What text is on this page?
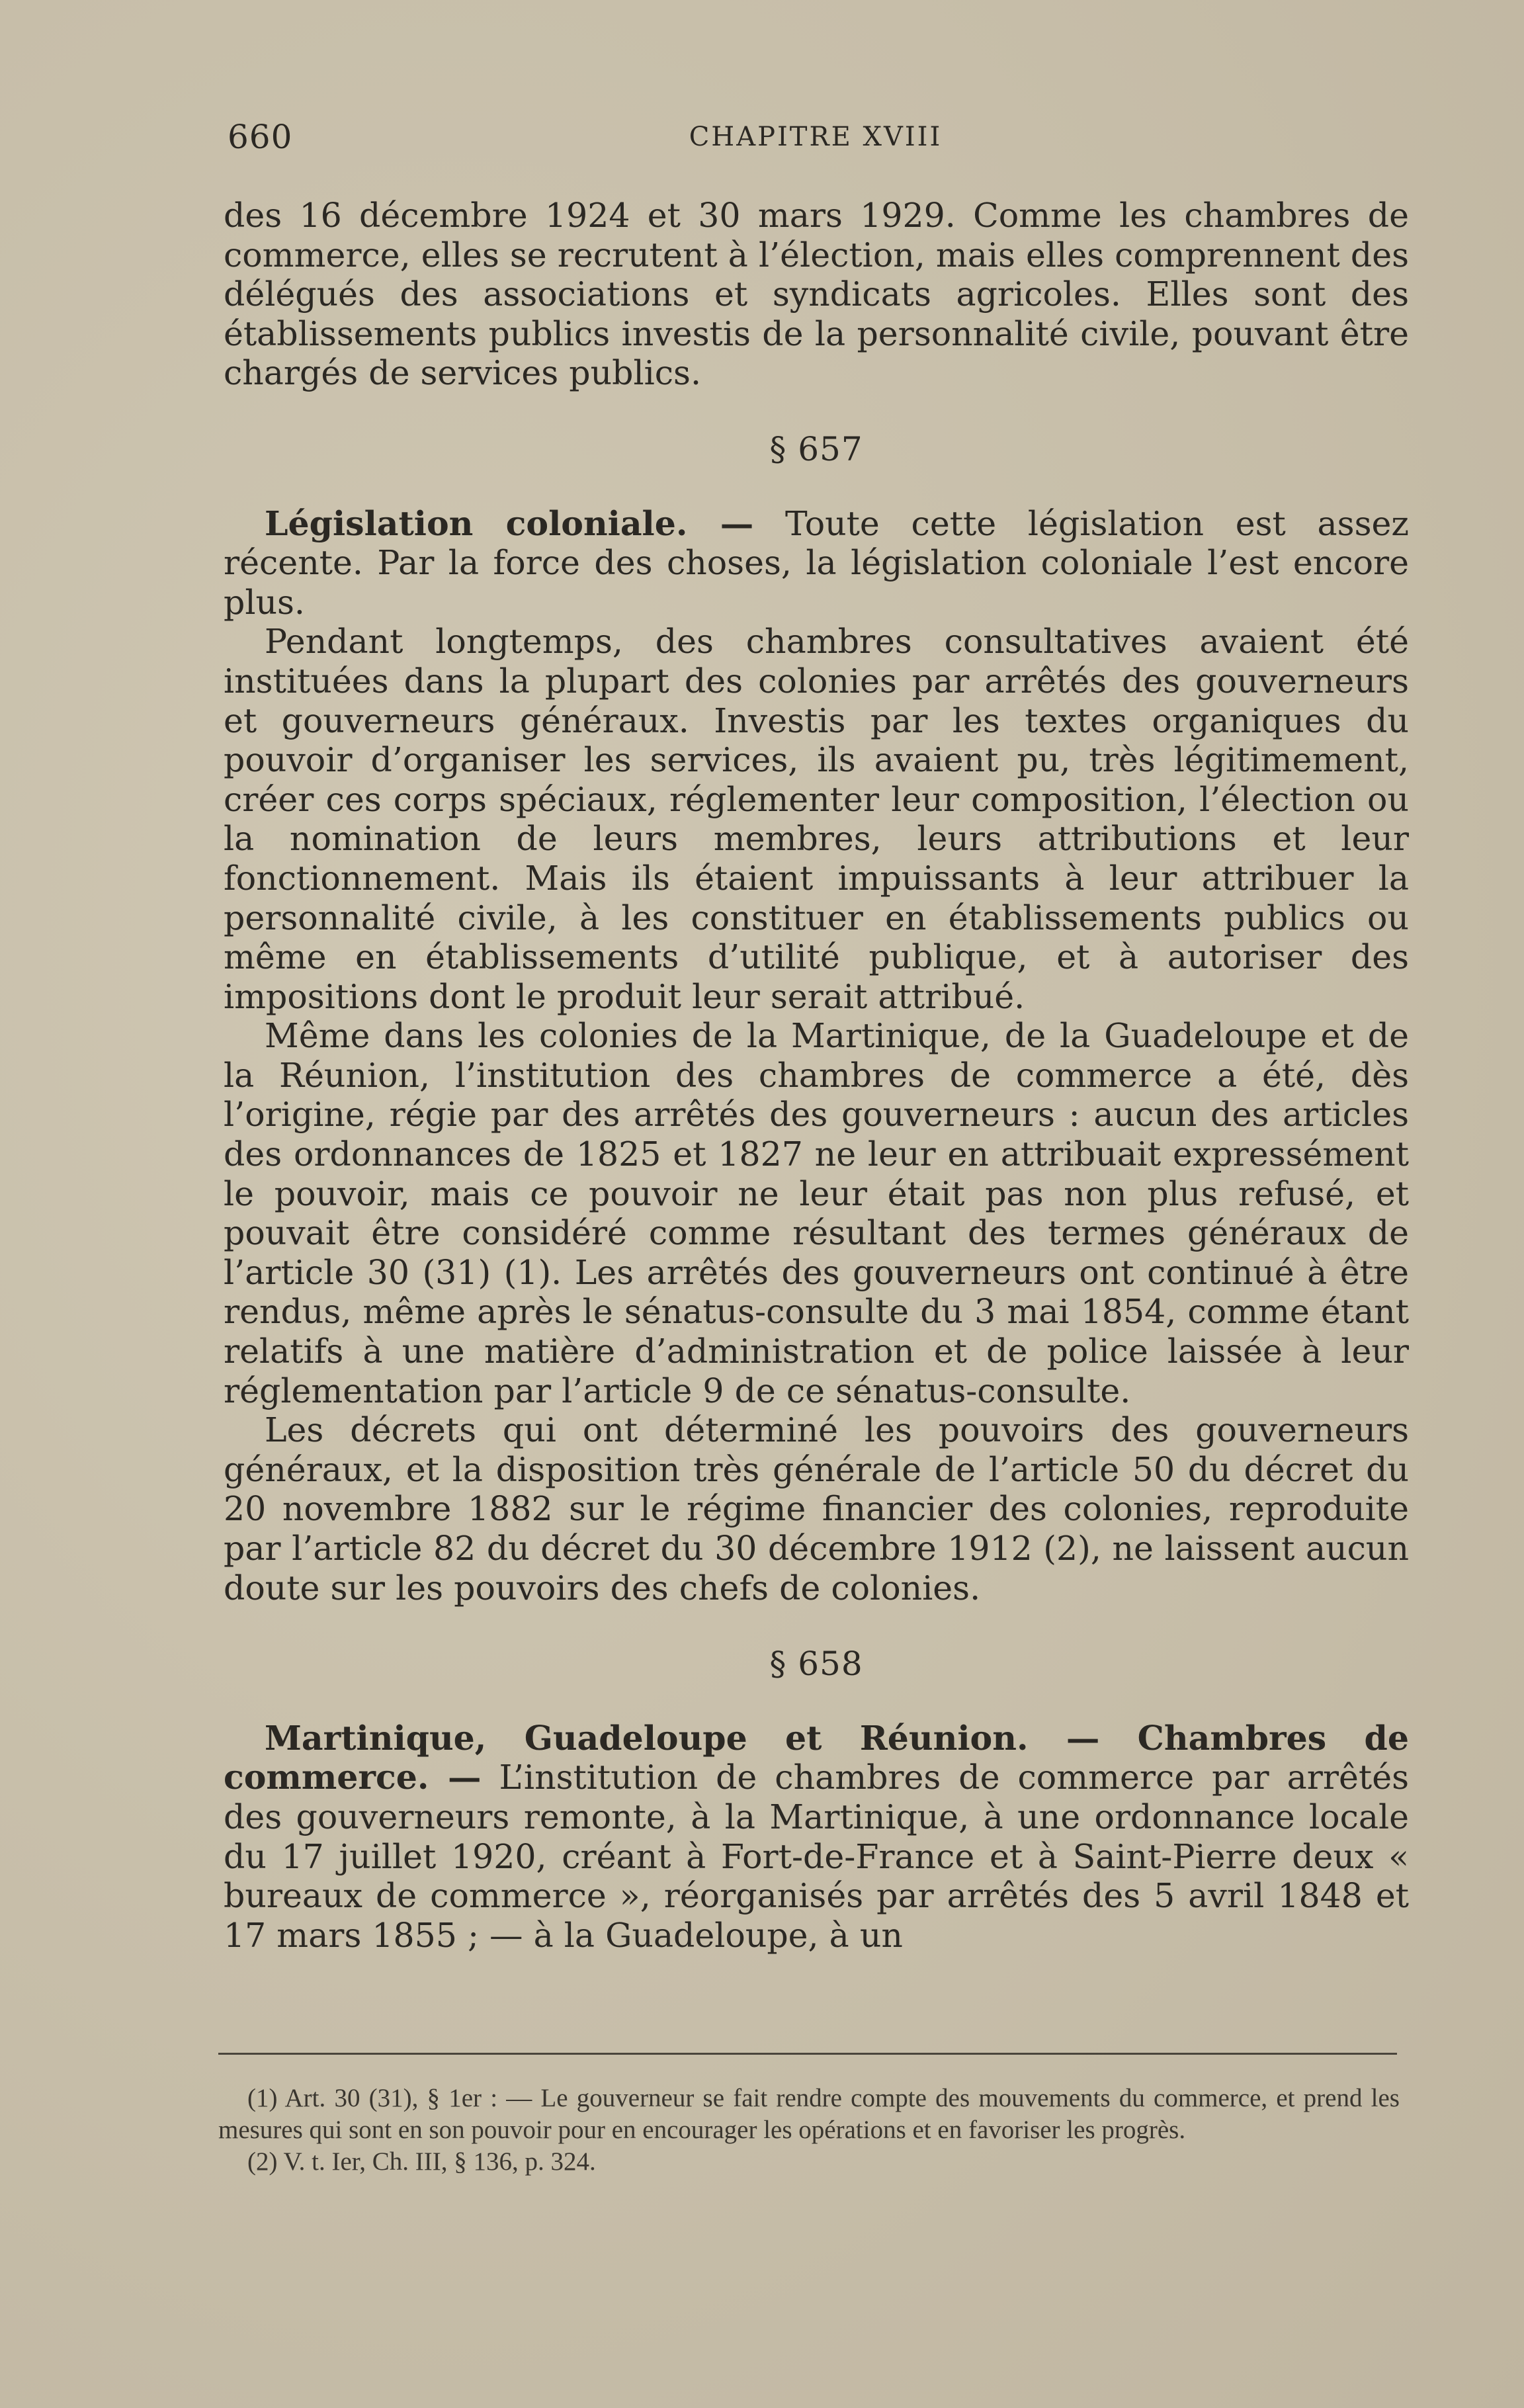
660	CHAPITRE XVIII

des 16 décembre 1924 et 30 mars 1929. Comme les chambres de commerce, elles se recrutent à l’élection, mais elles comprennent des délégués des associations et syndicats agricoles. Elles sont des établissements publics investis de la personnalité civile, pouvant être chargés de services publics.

§ 657

Législation coloniale. — Toute cette législation est assez récente. Par la force des choses, la législation coloniale l’est encore plus.

Pendant longtemps, des chambres consultatives avaient été instituées dans la plupart des colonies par arrêtés des gouverneurs et gouverneurs généraux. Investis par les textes organiques du pouvoir d’organiser les services, ils avaient pu, très légitimement, créer ces corps spéciaux, réglementer leur composition, l’élection ou la nomination de leurs membres, leurs attributions et leur fonctionnement. Mais ils étaient impuissants à leur attribuer la personnalité civile, à les constituer en établissements publics ou même en établissements d’utilité publique, et à autoriser des impositions dont le produit leur serait attribué.

Même dans les colonies de la Martinique, de la Guadeloupe et de la Réunion, l’institution des chambres de commerce a été, dès l’origine, régie par des arrêtés des gouverneurs : aucun des articles des ordonnances de 1825 et 1827 ne leur en attribuait expressément le pouvoir, mais ce pouvoir ne leur était pas non plus refusé, et pouvait être considéré comme résultant des termes généraux de l’article 30 (31) (1). Les arrêtés des gouverneurs ont continué à être rendus, même après le sénatus-consulte du 3 mai 1854, comme étant relatifs à une matière d’administration et de police laissée à leur réglementation par l’article 9 de ce sénatus-consulte.

Les décrets qui ont déterminé les pouvoirs des gouverneurs généraux, et la disposition très générale de l’article 50 du décret du 20 novembre 1882 sur le régime financier des colonies, reproduite par l’article 82 du décret du 30 décembre 1912 (2), ne laissent aucun doute sur les pouvoirs des chefs de colonies.

§ 658

Martinique, Guadeloupe et Réunion. — Chambres de commerce. — L’institution de chambres de commerce par arrêtés des gouverneurs remonte, à la Martinique, à une ordonnance locale du 17 juillet 1920, créant à Fort-de-France et à Saint-Pierre deux « bureaux de commerce », réorganisés par arrêtés des 5 avril 1848 et 17 mars 1855 ; — à la Guadeloupe, à un

(1) Art. 30 (31), § 1er : — Le gouverneur se fait rendre compte des mouvements du commerce, et prend les mesures qui sont en son pouvoir pour en encourager les opérations et en favoriser les progrès.

(2) V. t. Ier, Ch. III, § 136, p. 324.
